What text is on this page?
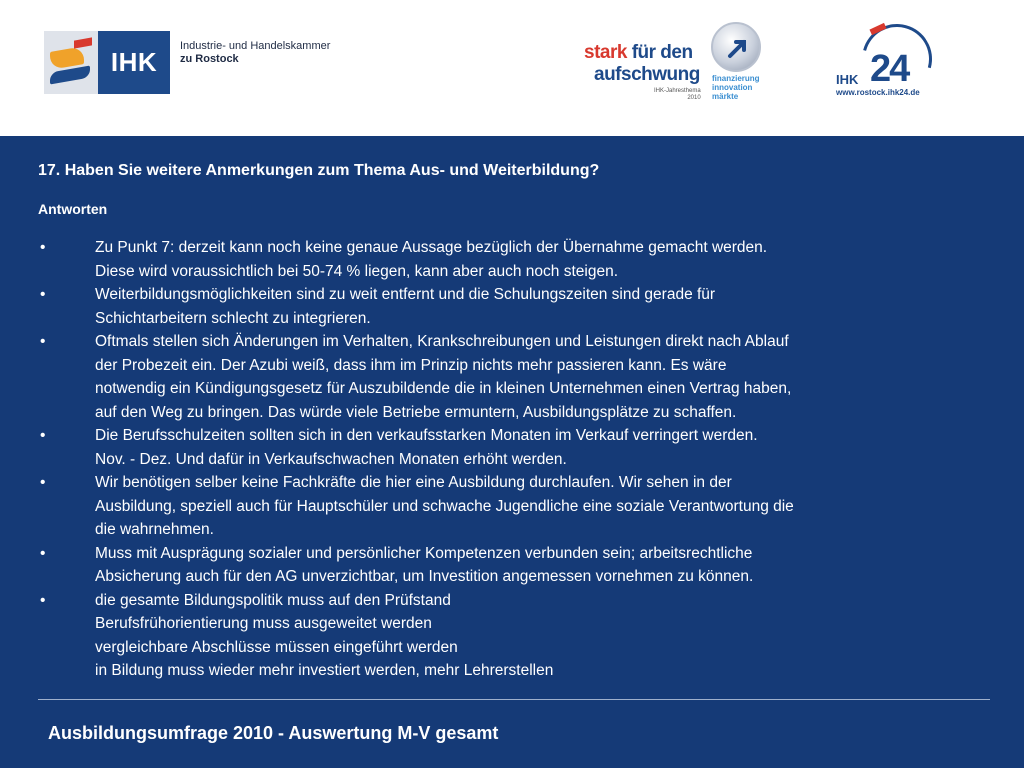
IHK
Industrie- und Handelskammer
zu Rostock	stark für den
aufschwung
IHK-Jahresthema
2010
finanzierung
innovation
märkte
IHK 24
www.rostock.ihk24.de
17. Haben Sie weitere Anmerkungen zum Thema Aus- und Weiterbildung?
Antworten
•	Zu Punkt 7: derzeit kann noch keine genaue Aussage bezüglich der Übernahme gemacht werden.
Diese wird voraussichtlich bei 50-74 % liegen, kann aber auch noch steigen.
•	Weiterbildungsmöglichkeiten sind zu weit entfernt und die Schulungszeiten sind gerade für
Schichtarbeitern schlecht zu integrieren.
•	Oftmals stellen sich Änderungen im Verhalten, Krankschreibungen und Leistungen direkt nach Ablauf
der Probezeit ein. Der Azubi weiß, dass ihm im Prinzip nichts mehr passieren kann. Es wäre
notwendig ein Kündigungsgesetz für Auszubildende die in kleinen Unternehmen einen Vertrag haben,
auf den Weg zu bringen. Das würde viele Betriebe ermuntern, Ausbildungsplätze zu schaffen.
•	Die Berufsschulzeiten sollten sich in den verkaufsstarken Monaten im Verkauf verringert werden.
Nov. - Dez. Und dafür in Verkaufschwachen Monaten erhöht werden.
•	Wir benötigen selber keine Fachkräfte die hier eine Ausbildung durchlaufen. Wir sehen in der
Ausbildung, speziell auch für Hauptschüler und schwache Jugendliche eine soziale Verantwortung die
die wahrnehmen.
•	Muss mit Ausprägung sozialer und persönlicher Kompetenzen verbunden sein; arbeitsrechtliche
Absicherung auch für den AG unverzichtbar, um Investition angemessen vornehmen zu können.
•	die gesamte Bildungspolitik muss auf den Prüfstand
Berufsfrühorientierung muss ausgeweitet werden
vergleichbare Abschlüsse müssen eingeführt werden
in Bildung muss wieder mehr investiert werden, mehr Lehrerstellen
Ausbildungsumfrage 2010 - Auswertung M-V gesamt
